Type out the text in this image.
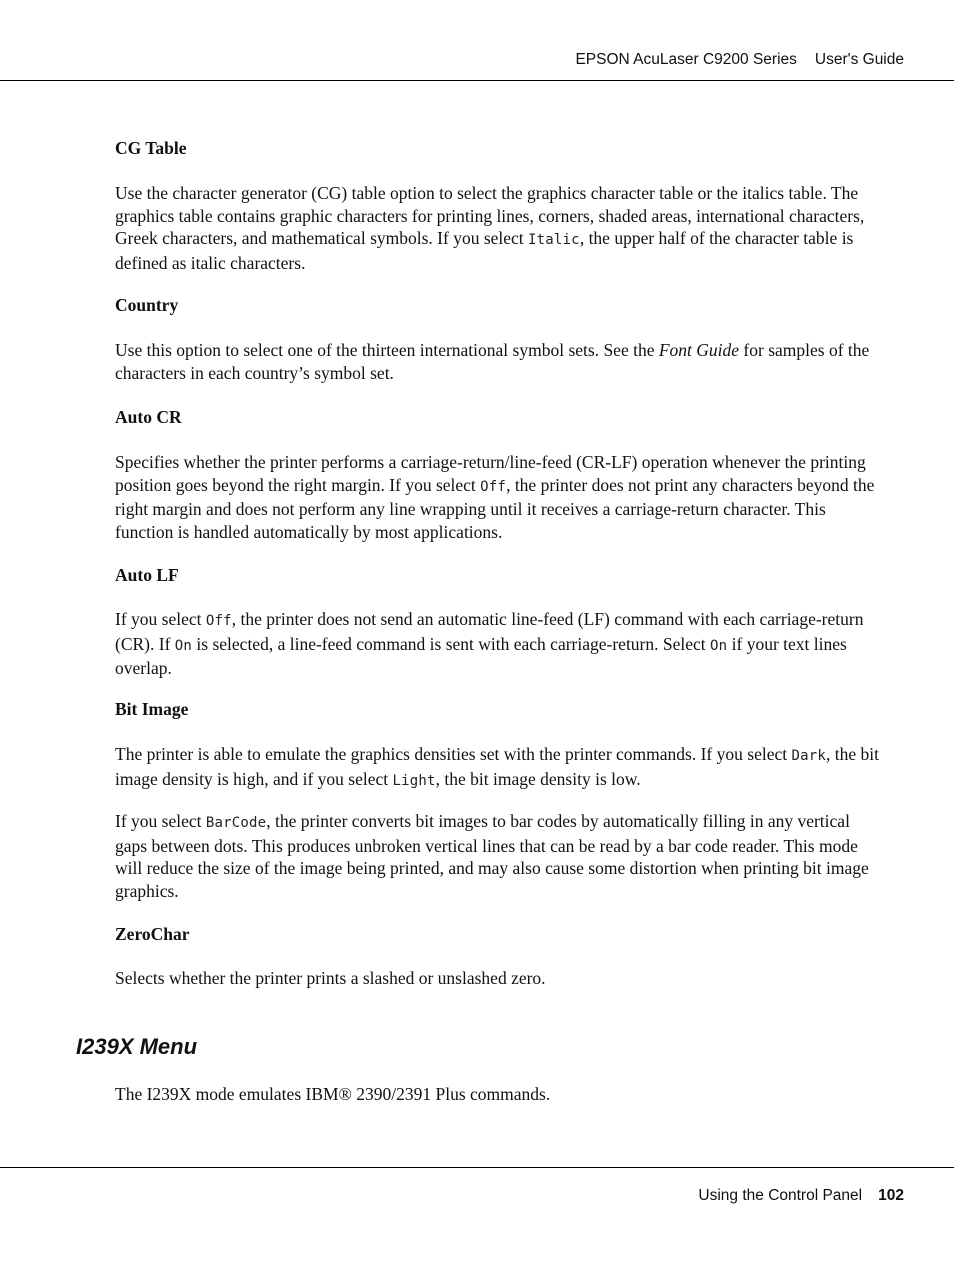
EPSON AcuLaser C9200 Series User's Guide
CG Table

Use the character generator (CG) table option to select the graphics character table or the italics table. The graphics table contains graphic characters for printing lines, corners, shaded areas, international characters, Greek characters, and mathematical symbols. If you select Italic, the upper half of the character table is defined as italic characters.

Country

Use this option to select one of the thirteen international symbol sets. See the Font Guide for samples of the characters in each country’s symbol set.

Auto CR

Specifies whether the printer performs a carriage-return/line-feed (CR-LF) operation whenever the printing position goes beyond the right margin. If you select Off, the printer does not print any characters beyond the right margin and does not perform any line wrapping until it receives a carriage-return character. This function is handled automatically by most applications.

Auto LF

If you select Off, the printer does not send an automatic line-feed (LF) command with each carriage-return (CR). If On is selected, a line-feed command is sent with each carriage-return. Select On if your text lines overlap.

Bit Image

The printer is able to emulate the graphics densities set with the printer commands. If you select Dark, the bit image density is high, and if you select Light, the bit image density is low.

If you select BarCode, the printer converts bit images to bar codes by automatically filling in any vertical gaps between dots. This produces unbroken vertical lines that can be read by a bar code reader. This mode will reduce the size of the image being printed, and may also cause some distortion when printing bit image graphics.

ZeroChar

Selects whether the printer prints a slashed or unslashed zero.

I239X Menu

The I239X mode emulates IBM® 2390/2391 Plus commands.

Using the Control Panel 102
